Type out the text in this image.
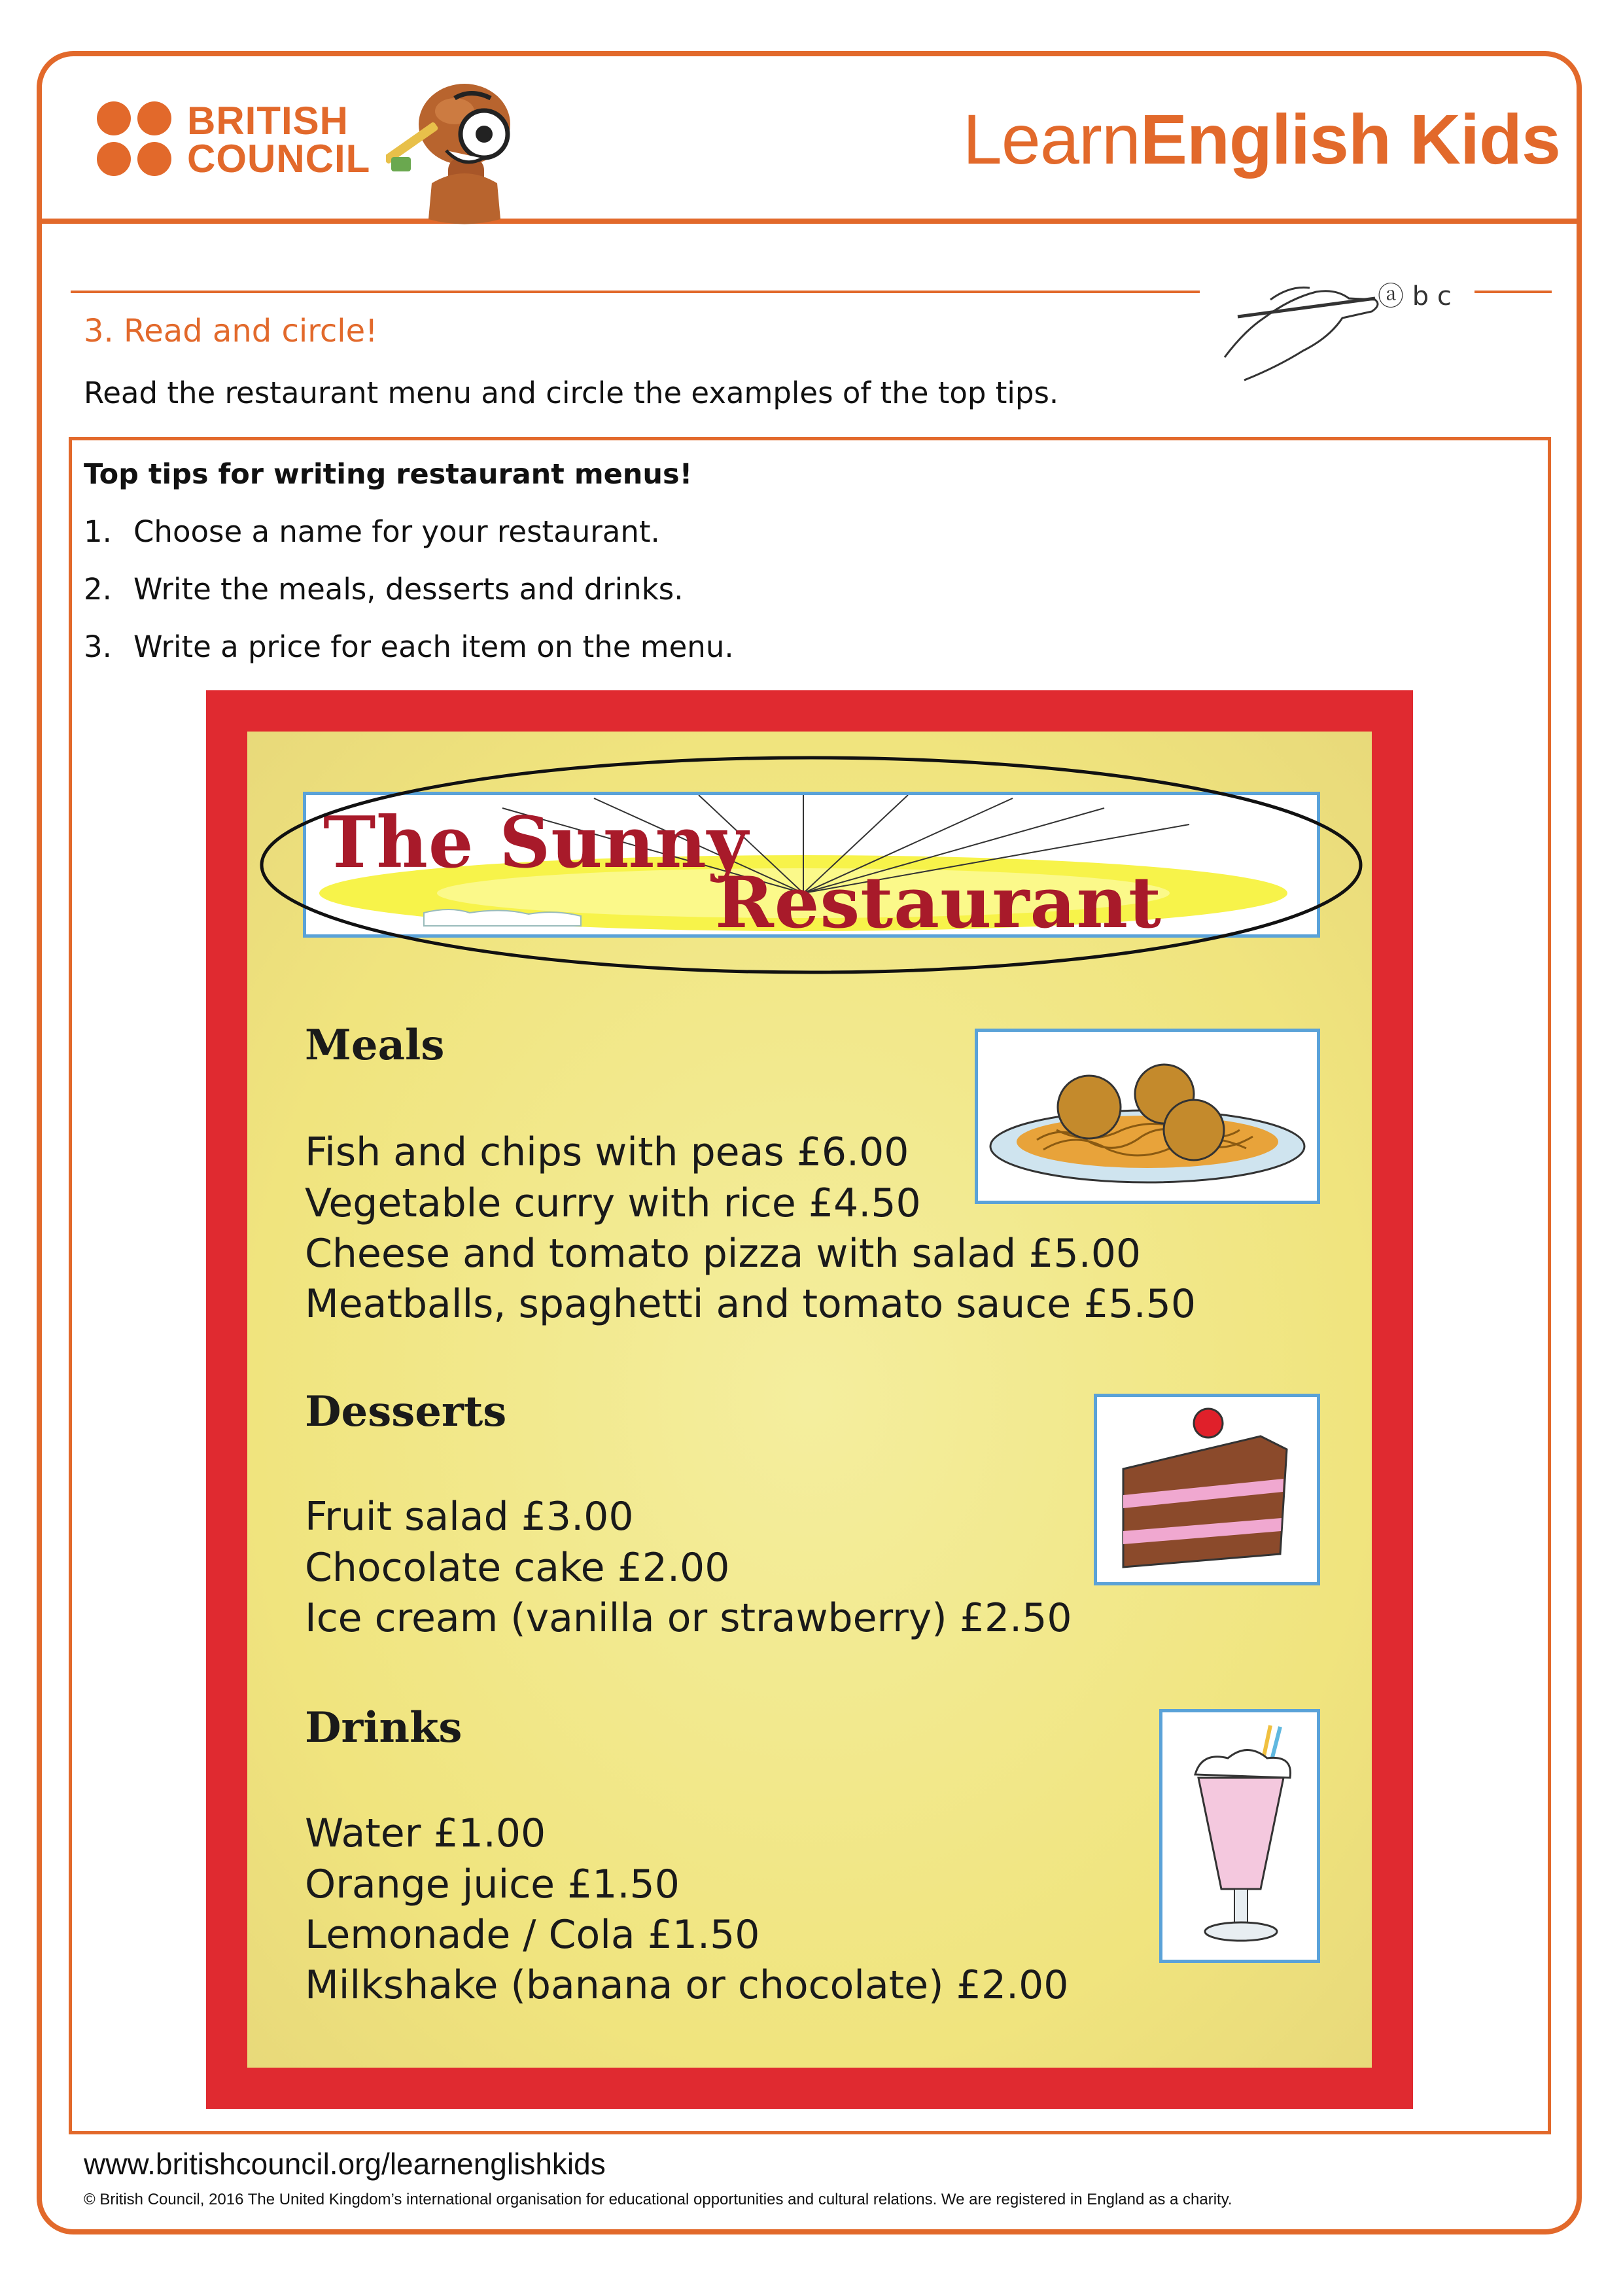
BRITISH
COUNCIL	LearnEnglish Kids
ⓐ b c
3. Read and circle!
Read the restaurant menu and circle the examples of the top tips.
Top tips for writing restaurant menus!
1. Choose a name for your restaurant.
2. Write the meals, desserts and drinks.
3. Write a price for each item on the menu.
The Sunny
Restaurant
Meals
Fish and chips with peas £6.00
Vegetable curry with rice £4.50
Cheese and tomato pizza with salad £5.00
Meatballs, spaghetti and tomato sauce £5.50
Desserts
Fruit salad £3.00
Chocolate cake £2.00
Ice cream (vanilla or strawberry) £2.50
Drinks
Water £1.00
Orange juice £1.50
Lemonade / Cola £1.50
Milkshake (banana or chocolate) £2.00
www.britishcouncil.org/learnenglishkids
© British Council, 2016 The United Kingdom’s international organisation for educational opportunities and cultural relations. We are registered in England as a charity.
